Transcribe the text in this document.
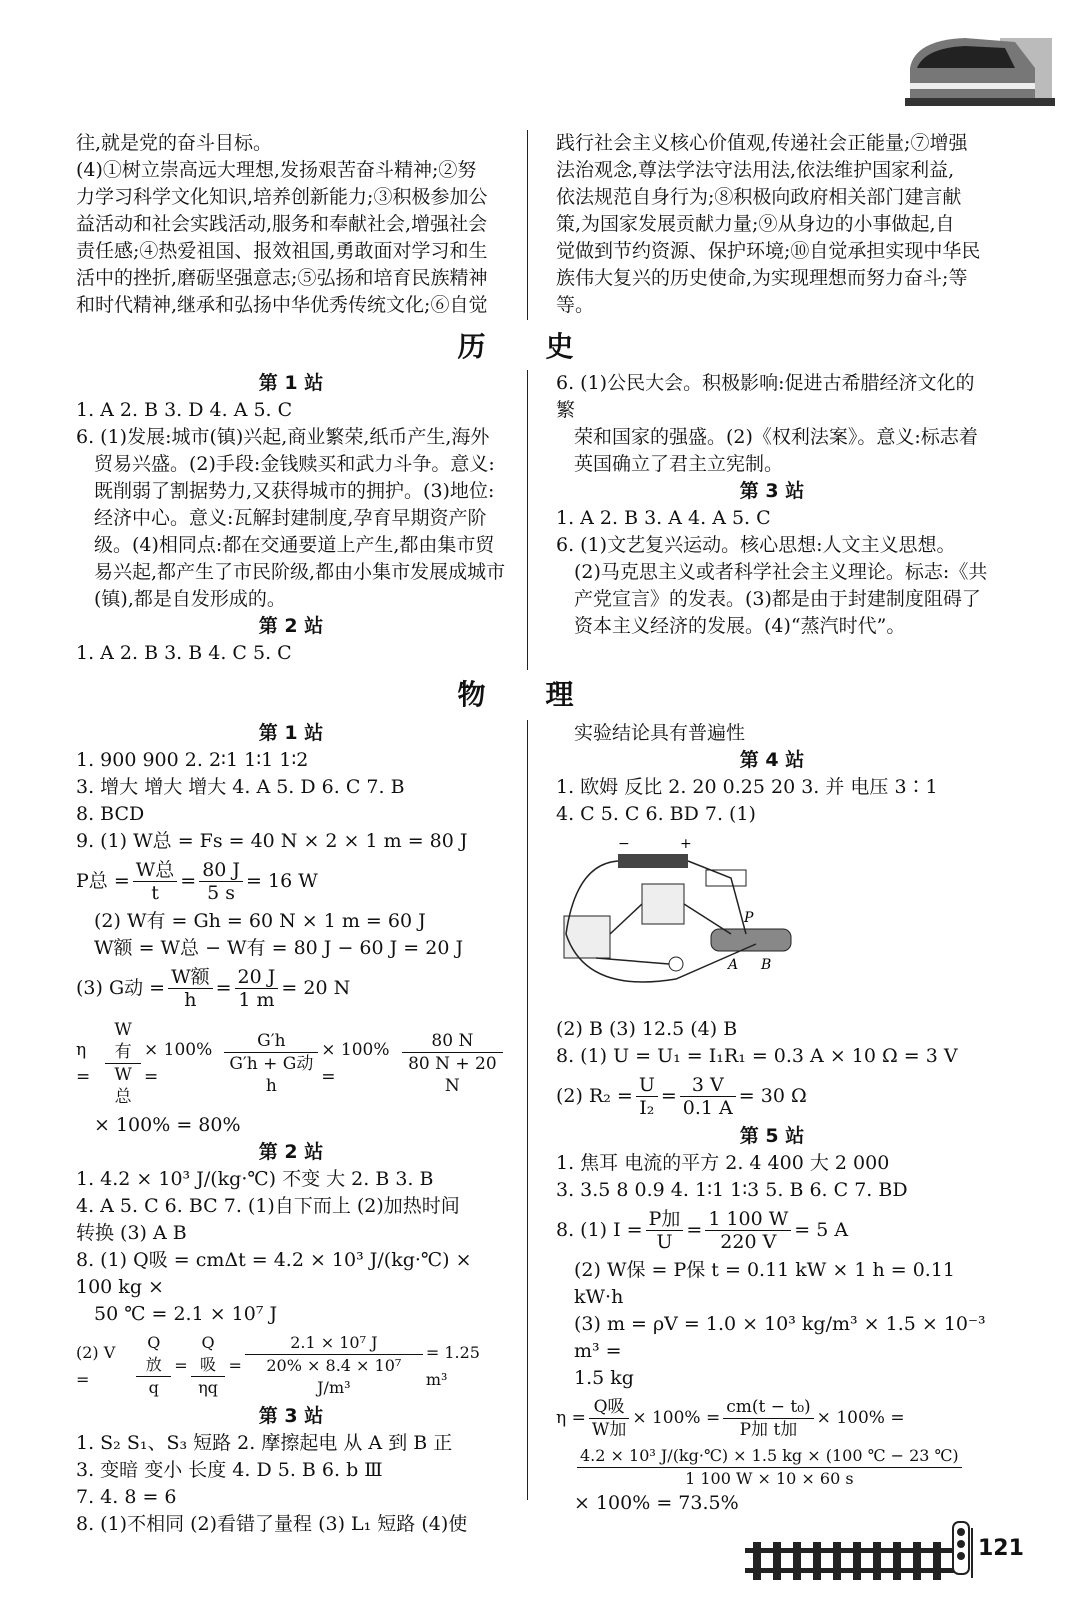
往,就是党的奋斗目标。

(4)①树立崇高远大理想,发扬艰苦奋斗精神;②努

力学习科学文化知识,培养创新能力;③积极参加公

益活动和社会实践活动,服务和奉献社会,增强社会

责任感;④热爱祖国、报效祖国,勇敢面对学习和生

活中的挫折,磨砺坚强意志;⑤弘扬和培育民族精神

和时代精神,继承和弘扬中华优秀传统文化;⑥自觉

践行社会主义核心价值观,传递社会正能量;⑦增强

法治观念,尊法学法守法用法,依法维护国家利益,

依法规范自身行为;⑧积极向政府相关部门建言献

策,为国家发展贡献力量;⑨从身边的小事做起,自

觉做到节约资源、保护环境;⑩自觉承担实现中华民

族伟大复兴的历史使命,为实现理想而努力奋斗;等

等。

历史

第 1 站

1. A 2. B 3. D 4. A 5. C

6. (1)发展:城市(镇)兴起,商业繁荣,纸币产生,海外

贸易兴盛。(2)手段:金钱赎买和武力斗争。意义:

既削弱了割据势力,又获得城市的拥护。(3)地位:

经济中心。意义:瓦解封建制度,孕育早期资产阶

级。(4)相同点:都在交通要道上产生,都由集市贸

易兴起,都产生了市民阶级,都由小集市发展成城市

(镇),都是自发形成的。

第 2 站

1. A 2. B 3. B 4. C 5. C

6. (1)公民大会。积极影响:促进古希腊经济文化的繁

荣和国家的强盛。(2)《权利法案》。意义:标志着

英国确立了君主立宪制。

第 3 站

1. A 2. B 3. A 4. A 5. C

6. (1)文艺复兴运动。核心思想:人文主义思想。

(2)马克思主义或者科学社会主义理论。标志:《共

产党宣言》的发表。(3)都是由于封建制度阻碍了

资本主义经济的发展。(4)“蒸汽时代”。

物理

第 1 站

1. 900 900 2. 2∶1 1∶1 1∶2

3. 增大 增大 增大 4. A 5. D 6. C 7. B

8. BCD

9. (1) W总 = Fs = 40 N × 2 × 1 m = 80 J

P总 = $\frac{\text{W总}}{t} = \frac{80 J}{5 s} = 16$ W

(2) W有 = Gh = 60 N × 1 m = 60 J

W额 = W总 − W有 = 80 J − 60 J = 20 J

(3) G动 = $\frac{\text{W额}}{h} = \frac{20 J}{1 m} = 20$ N
$\eta = \frac{\text{W有}}{\text{W总}} \times 100\%$ =	$\frac{G'h}{\text{G′h + G动 h}} \times 100\%$ =	$\frac{80 N}{80 N + 20 N}$

× 100% = 80%

第 2 站

1. 4.2 × 10³ J/(kg·℃) 不变 大 2. B 3. B

4. A 5. C 6. BC 7. (1)自下而上 (2)加热时间

转换 (3) A B

8. (1) Q吸 = cmΔt = 4.2 × 10³ J/(kg·℃) × 100 kg ×

50 ℃ = 2.1 × 10⁷ J

(2) V =	$\frac{\text{Q放}}{q} = \frac{\text{Q吸}}{\eta q} = \frac{\text{2.1 × 10⁷ J}}{\text{20\% × 8.4 × 10⁷ J/m³}} = 1.25$ m³

第 3 站

1. S₂ S₁、S₃ 短路 2. 摩擦起电 从 A 到 B 正

3. 变暗 变小 长度 4. D 5. B 6. b Ⅲ

7. 4. 8 = 6

8. (1)不相同 (2)看错了量程 (3) L₁ 短路 (4)使

实验结论具有普遍性

第 4 站

1. 欧姆 反比 2. 20 0.25 20 3. 并 电压 3∶1

4. C 5. C 6. BD 7. (1)

−	+
P
A B

(2) B (3) 12.5 (4) B

8. (1) U = U₁ = I₁R₁ = 0.3 A × 10 Ω = 3 V

(2) $R_2 = \frac{U}{\text{I₂}} = \frac{3 V}{0.1 A} = 30$ Ω

第 5 站

1. 焦耳 电流的平方 2. 4 400 大 2 000

3. 3.5 8 0.9 4. 1∶1 1∶3 5. B 6. C 7. BD

8. (1) $I = \frac{\text{P加}}{U} = \frac{1 100 W}{220 V} = 5$ A

(2) W保 = P保 t = 0.11 kW × 1 h = 0.11 kW·h

(3) m = ρV = 1.0 × 10³ kg/m³ × 1.5 × 10⁻³ m³ =

1.5 kg

$\eta = \frac{\text{Q吸}}{\text{W加}} \times 100\% = \frac{\text{cm(t − t₀)}}{\text{P加 t加}} \times 100\%$ =
$\frac{\text{4.2 × 10³ J/(kg·℃) × 1.5 kg × (100 ℃ − 23 ℃)}}{1 100 W \times 10 \times 60 s}$

× 100% = 73.5%

121
